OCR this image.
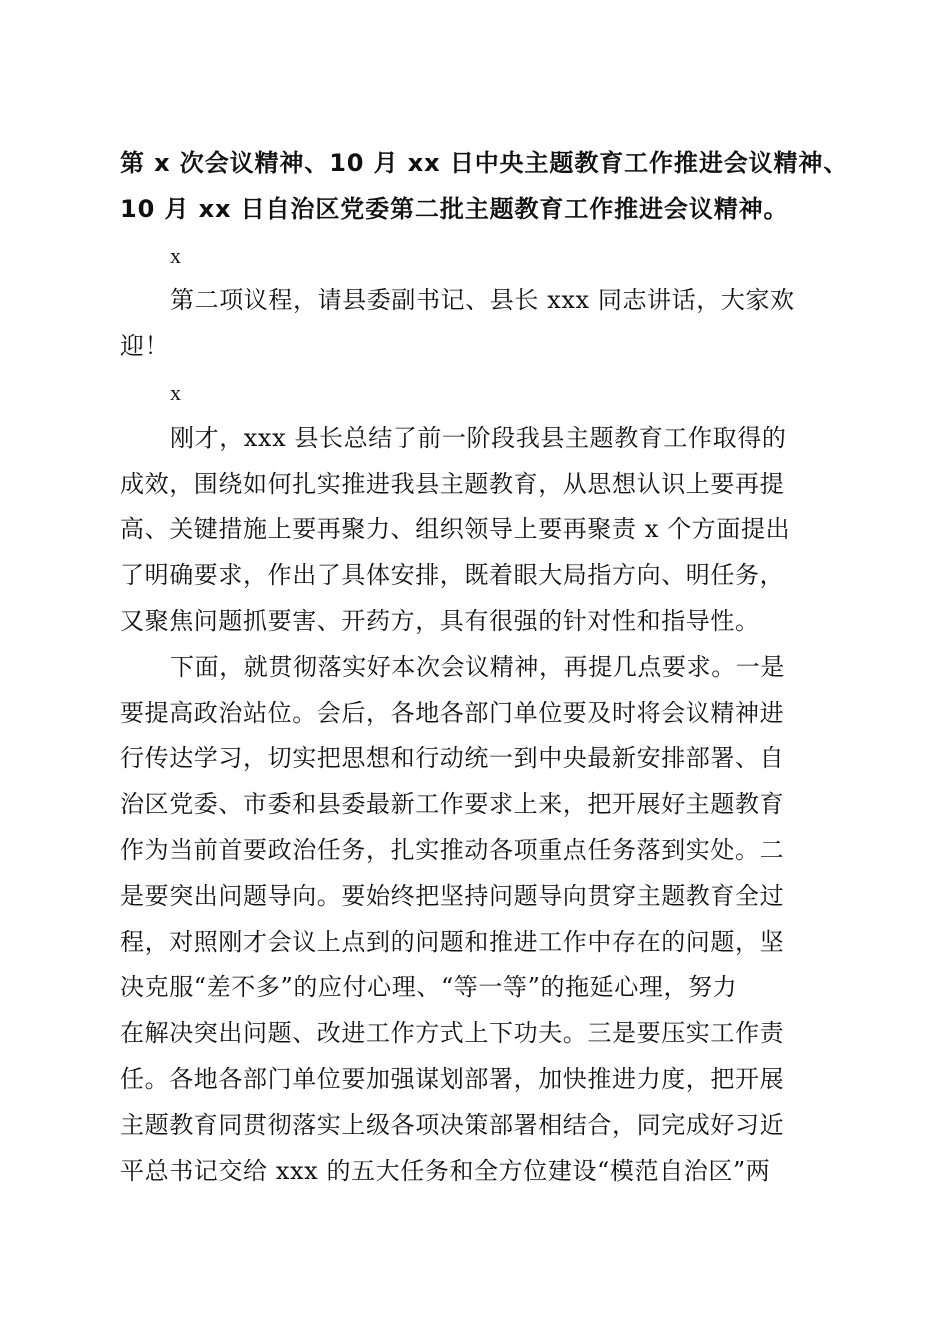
第 x 次会议精神、10 月 xx 日中央主题教育工作推进会议精神、
10 月 xx 日自治区党委第二批主题教育工作推进会议精神。
x
第二项议程，请县委副书记、县长 xxx 同志讲话，大家欢
迎！
x
刚才，xxx 县长总结了前一阶段我县主题教育工作取得的
成效，围绕如何扎实推进我县主题教育，从思想认识上要再提
高、关键措施上要再聚力、组织领导上要再聚责 x 个方面提出
了明确要求，作出了具体安排，既着眼大局指方向、明任务，
又聚焦问题抓要害、开药方，具有很强的针对性和指导性。
下面，就贯彻落实好本次会议精神，再提几点要求。一是
要提高政治站位。会后，各地各部门单位要及时将会议精神进
行传达学习，切实把思想和行动统一到中央最新安排部署、自
治区党委、市委和县委最新工作要求上来，把开展好主题教育
作为当前首要政治任务，扎实推动各项重点任务落到实处。二
是要突出问题导向。要始终把坚持问题导向贯穿主题教育全过
程，对照刚才会议上点到的问题和推进工作中存在的问题，坚
决克服“差不多”的应付心理、“等一等”的拖延心理，努力
在解决突出问题、改进工作方式上下功夫。三是要压实工作责
任。各地各部门单位要加强谋划部署，加快推进力度，把开展
主题教育同贯彻落实上级各项决策部署相结合，同完成好习近
平总书记交给 xxx 的五大任务和全方位建设“模范自治区”两
